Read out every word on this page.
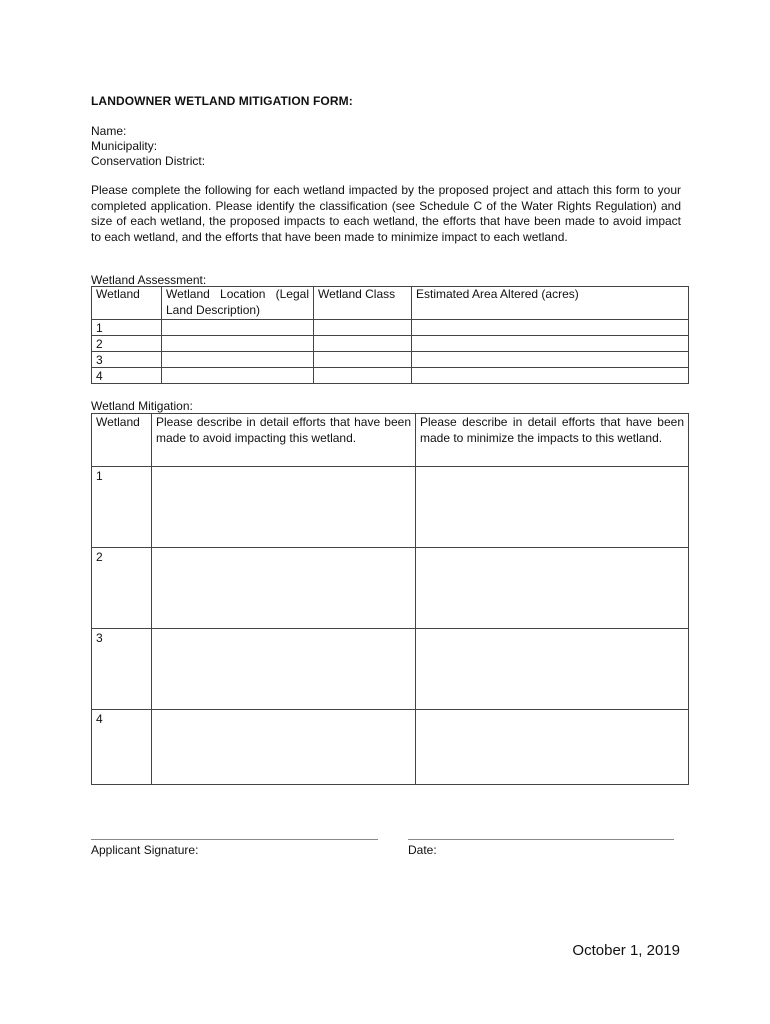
LANDOWNER WETLAND MITIGATION FORM:
Name:
Municipality:
Conservation District:
Please complete the following for each wetland impacted by the proposed project and attach this form to your completed application. Please identify the classification (see Schedule C of the Water Rights Regulation) and size of each wetland, the proposed impacts to each wetland, the efforts that have been made to avoid impact to each wetland, and the efforts that have been made to minimize impact to each wetland.
Wetland Assessment:
Wetland	Wetland Location (Legal Land Description)	Wetland Class	Estimated Area Altered (acres)
1			
2			
3			
4			
Wetland Mitigation:
Wetland	Please describe in detail efforts that have been made to avoid impacting this wetland.	Please describe in detail efforts that have been made to minimize the impacts to this wetland.
1		
2		
3		
4		
Applicant Signature:	Date:
October 1, 2019
